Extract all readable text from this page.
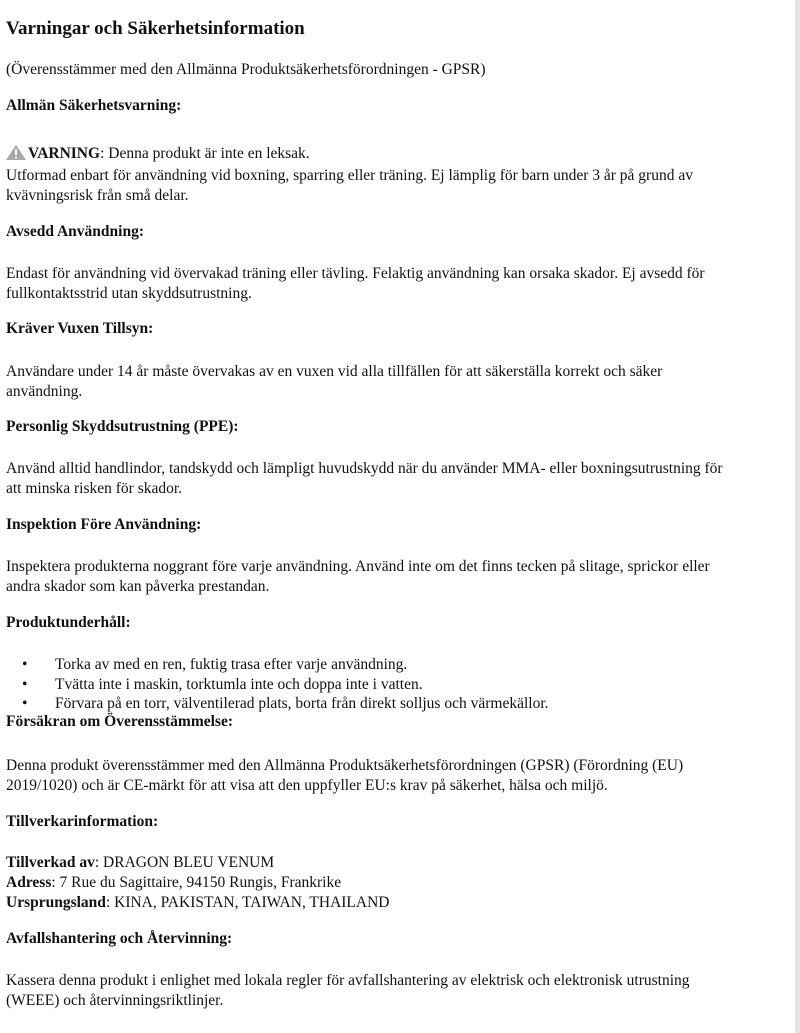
Varningar och Säkerhetsinformation

(Överensstämmer med den Allmänna Produktsäkerhetsförordningen - GPSR)

Allmän Säkerhetsvarning:

VARNING: Denna produkt är inte en leksak.
Utformad enbart för användning vid boxning, sparring eller träning. Ej lämplig för barn under 3 år på grund av
kvävningsrisk från små delar.

Avsedd Användning:

Endast för användning vid övervakad träning eller tävling. Felaktig användning kan orsaka skador. Ej avsedd för
fullkontaktsstrid utan skyddsutrustning.

Kräver Vuxen Tillsyn:

Användare under 14 år måste övervakas av en vuxen vid alla tillfällen för att säkerställa korrekt och säker
användning.

Personlig Skyddsutrustning (PPE):

Använd alltid handlindor, tandskydd och lämpligt huvudskydd när du använder MMA- eller boxningsutrustning för
att minska risken för skador.

Inspektion Före Användning:

Inspektera produkterna noggrant före varje användning. Använd inte om det finns tecken på slitage, sprickor eller
andra skador som kan påverka prestandan.

Produktunderhåll:
• Torka av med en ren, fuktig trasa efter varje användning.
• Tvätta inte i maskin, torktumla inte och doppa inte i vatten.
• Förvara på en torr, välventilerad plats, borta från direkt solljus och värmekällor.
Försäkran om Överensstämmelse:

Denna produkt överensstämmer med den Allmänna Produktsäkerhetsförordningen (GPSR) (Förordning (EU)
2019/1020) och är CE-märkt för att visa att den uppfyller EU:s krav på säkerhet, hälsa och miljö.

Tillverkarinformation:

Tillverkad av: DRAGON BLEU VENUM
Adress: 7 Rue du Sagittaire, 94150 Rungis, Frankrike
Ursprungsland: KINA, PAKISTAN, TAIWAN, THAILAND

Avfallshantering och Återvinning:

Kassera denna produkt i enlighet med lokala regler för avfallshantering av elektrisk och elektronisk utrustning
(WEEE) och återvinningsriktlinjer.
